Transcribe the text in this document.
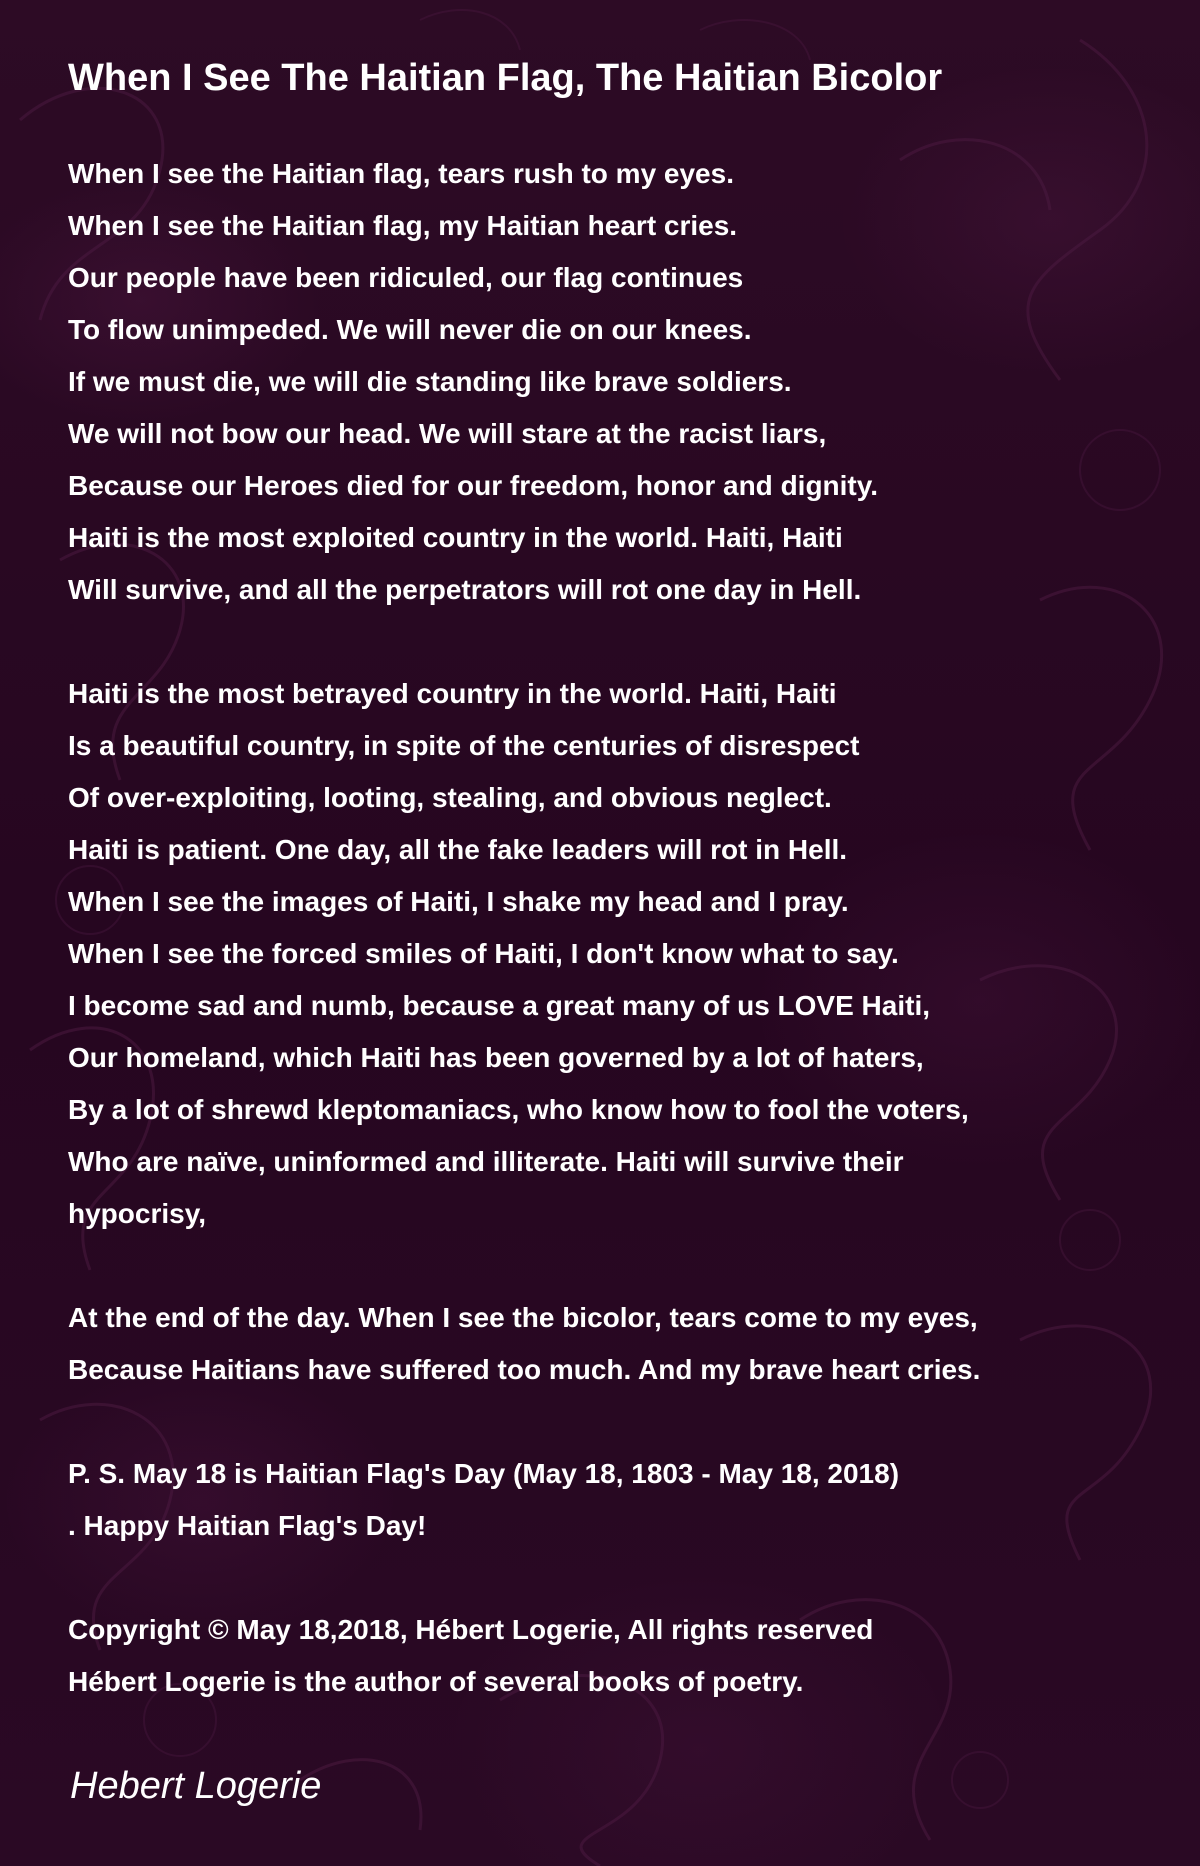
When I See The Haitian Flag, The Haitian Bicolor
When I see the Haitian flag, tears rush to my eyes.
When I see the Haitian flag, my Haitian heart cries.
Our people have been ridiculed, our flag continues
To flow unimpeded. We will never die on our knees.
If we must die, we will die standing like brave soldiers.
We will not bow our head. We will stare at the racist liars,
Because our Heroes died for our freedom, honor and dignity.
Haiti is the most exploited country in the world. Haiti, Haiti
Will survive, and all the perpetrators will rot one day in Hell.
Haiti is the most betrayed country in the world. Haiti, Haiti
Is a beautiful country, in spite of the centuries of disrespect
Of over-exploiting, looting, stealing, and obvious neglect.
Haiti is patient. One day, all the fake leaders will rot in Hell.
When I see the images of Haiti, I shake my head and I pray.
When I see the forced smiles of Haiti, I don't know what to say.
I become sad and numb, because a great many of us LOVE Haiti,
Our homeland, which Haiti has been governed by a lot of haters,
By a lot of shrewd kleptomaniacs, who know how to fool the voters,
Who are naïve, uninformed and illiterate. Haiti will survive their
hypocrisy,
At the end of the day. When I see the bicolor, tears come to my eyes,
Because Haitians have suffered too much. And my brave heart cries.
P. S. May 18 is Haitian Flag's Day (May 18, 1803 - May 18, 2018)
. Happy Haitian Flag's Day!
Copyright © May 18,2018, Hébert Logerie, All rights reserved
Hébert Logerie is the author of several books of poetry.
Hebert Logerie
